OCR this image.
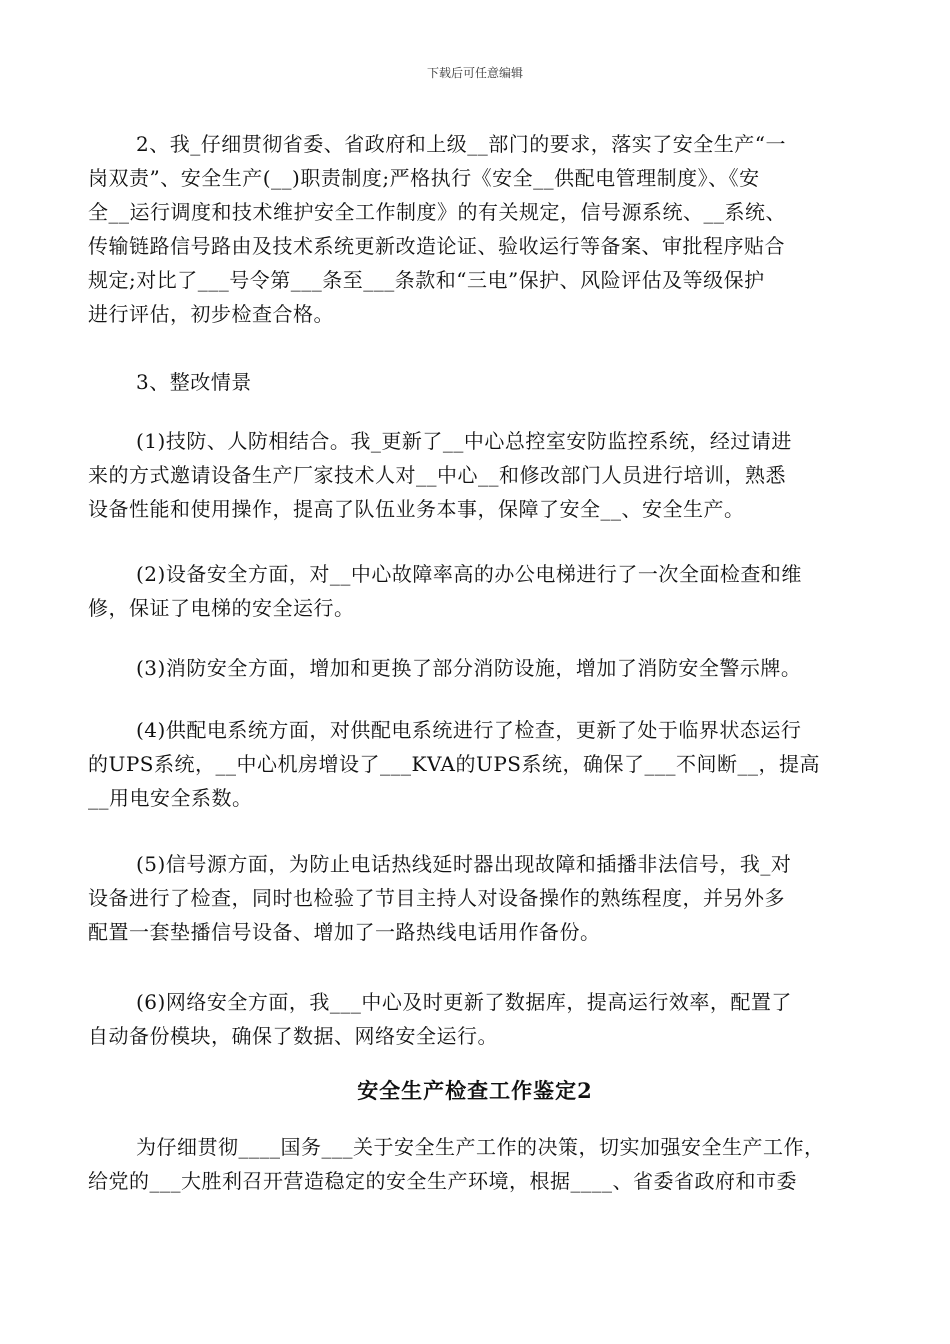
下载后可任意编辑
2、我_仔细贯彻省委、省政府和上级__部门的要求，落实了安全生产“一
岗双责”、安全生产(__)职责制度;严格执行《安全__供配电管理制度》、《安
全__运行调度和技术维护安全工作制度》的有关规定，信号源系统、__系统、
传输链路信号路由及技术系统更新改造论证、验收运行等备案、审批程序贴合
规定;对比了___号令第___条至___条款和“三电”保护、风险评估及等级保护
进行评估，初步检查合格。
3、整改情景
(1)技防、人防相结合。我_更新了__中心总控室安防监控系统，经过请进
来的方式邀请设备生产厂家技术人对__中心__和修改部门人员进行培训，熟悉
设备性能和使用操作，提高了队伍业务本事，保障了安全__、安全生产。
(2)设备安全方面，对__中心故障率高的办公电梯进行了一次全面检查和维
修，保证了电梯的安全运行。
(3)消防安全方面，增加和更换了部分消防设施，增加了消防安全警示牌。
(4)供配电系统方面，对供配电系统进行了检查，更新了处于临界状态运行
的UPS系统，__中心机房增设了___KVA的UPS系统，确保了___不间断__，提高
__用电安全系数。
(5)信号源方面，为防止电话热线延时器出现故障和插播非法信号，我_对
设备进行了检查，同时也检验了节目主持人对设备操作的熟练程度，并另外多
配置一套垫播信号设备、增加了一路热线电话用作备份。
(6)网络安全方面，我___中心及时更新了数据库，提高运行效率，配置了
自动备份模块，确保了数据、网络安全运行。
安全生产检查工作鉴定2
为仔细贯彻____国务___关于安全生产工作的决策，切实加强安全生产工作，
给党的___大胜利召开营造稳定的安全生产环境，根据____、省委省政府和市委
